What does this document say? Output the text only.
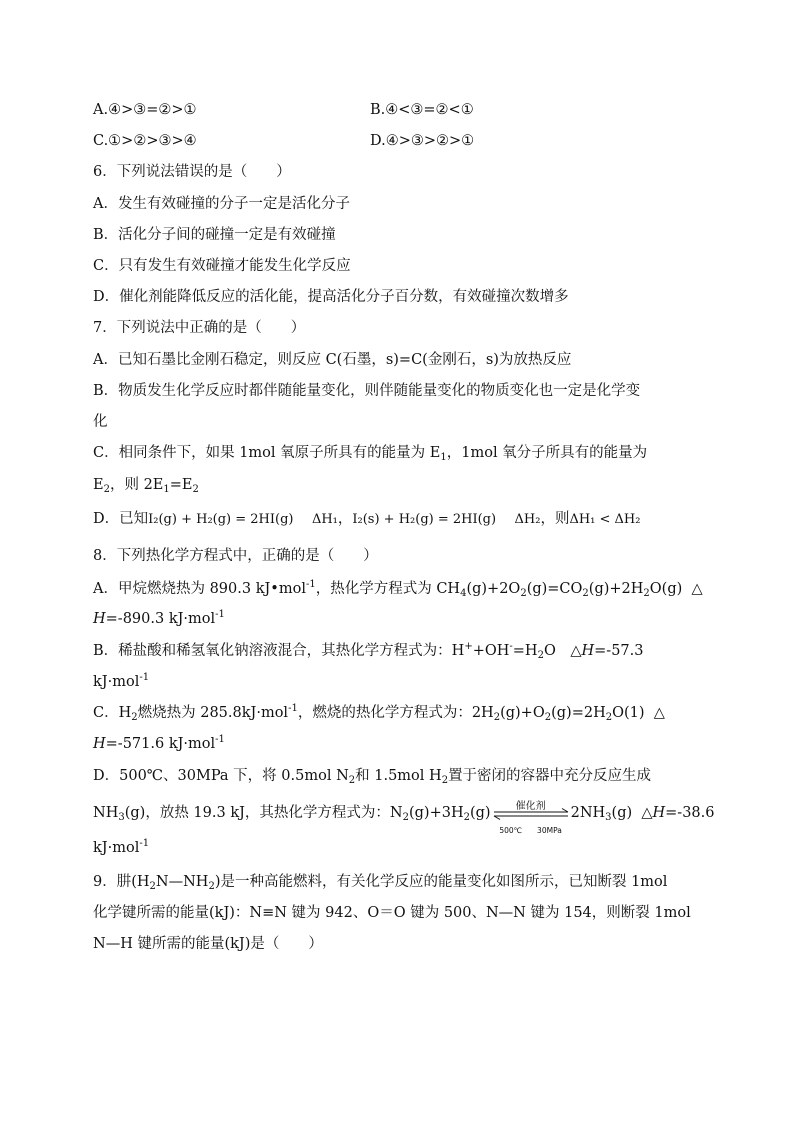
A.④>③=②>①	B.④<③=②<①
C.①>②>③>④	D.④>③>②>①
6．下列说法错误的是（　　）
A．发生有效碰撞的分子一定是活化分子
B．活化分子间的碰撞一定是有效碰撞
C．只有发生有效碰撞才能发生化学反应
D．催化剂能降低反应的活化能，提高活化分子百分数，有效碰撞次数增多
7．下列说法中正确的是（　　）
A．已知石墨比金刚石稳定，则反应 C(石墨，s)=C(金刚石，s)为放热反应
B．物质发生化学反应时都伴随能量变化，则伴随能量变化的物质变化也一定是化学变
化
C．相同条件下，如果 1mol 氧原子所具有的能量为 $E_1$，1mol 氧分子所具有的能量为
$E_2$，则 $2E_1=E_2$
D．已知I₂(g) + H₂(g) = 2HI(g) ΔH₁，I₂(s) + H₂(g) = 2HI(g) ΔH₂，则ΔH₁ < ΔH₂
8．下列热化学方程式中，正确的是（　　）
A．甲烷燃烧热为 890.3 kJ•mol$^{-1}$，热化学方程式为 $CH_4(g)+2O_2(g)=CO_2(g)+2H_2O(g)$  △
H=-890.3 kJ·mol$^{-1}$
B．稀盐酸和稀氢氧化钠溶液混合，其热化学方程式为：$H^++OH^-=H_2O$　△H=-57.3
kJ·mol$^{-1}$
C．$H_2$燃烧热为 285.8kJ·mol$^{-1}$，燃烧的热化学方程式为：$2H_2(g)+O_2(g)=2H_2O(1)$  △
H=-571.6 kJ·mol$^{-1}$
D．500℃、30MPa 下，将 0.5mol $N_2$和 1.5mol $H_2$置于密闭的容器中充分反应生成
$NH_3(g)$，放热 19.3 kJ，其热化学方程式为：$N_2(g)+3H_2(g)$	催化剂
500℃　　30MPa
$2NH_3(g)$  △H=-38.6
kJ·mol$^{-1}$
9．肼$(H_2N—NH_2)$是一种高能燃料，有关化学反应的能量变化如图所示，已知断裂 1mol
化学键所需的能量(kJ)：N≡N 键为 942、O＝O 键为 500、N—N 键为 154，则断裂 1mol
N—H 键所需的能量(kJ)是（　　）
